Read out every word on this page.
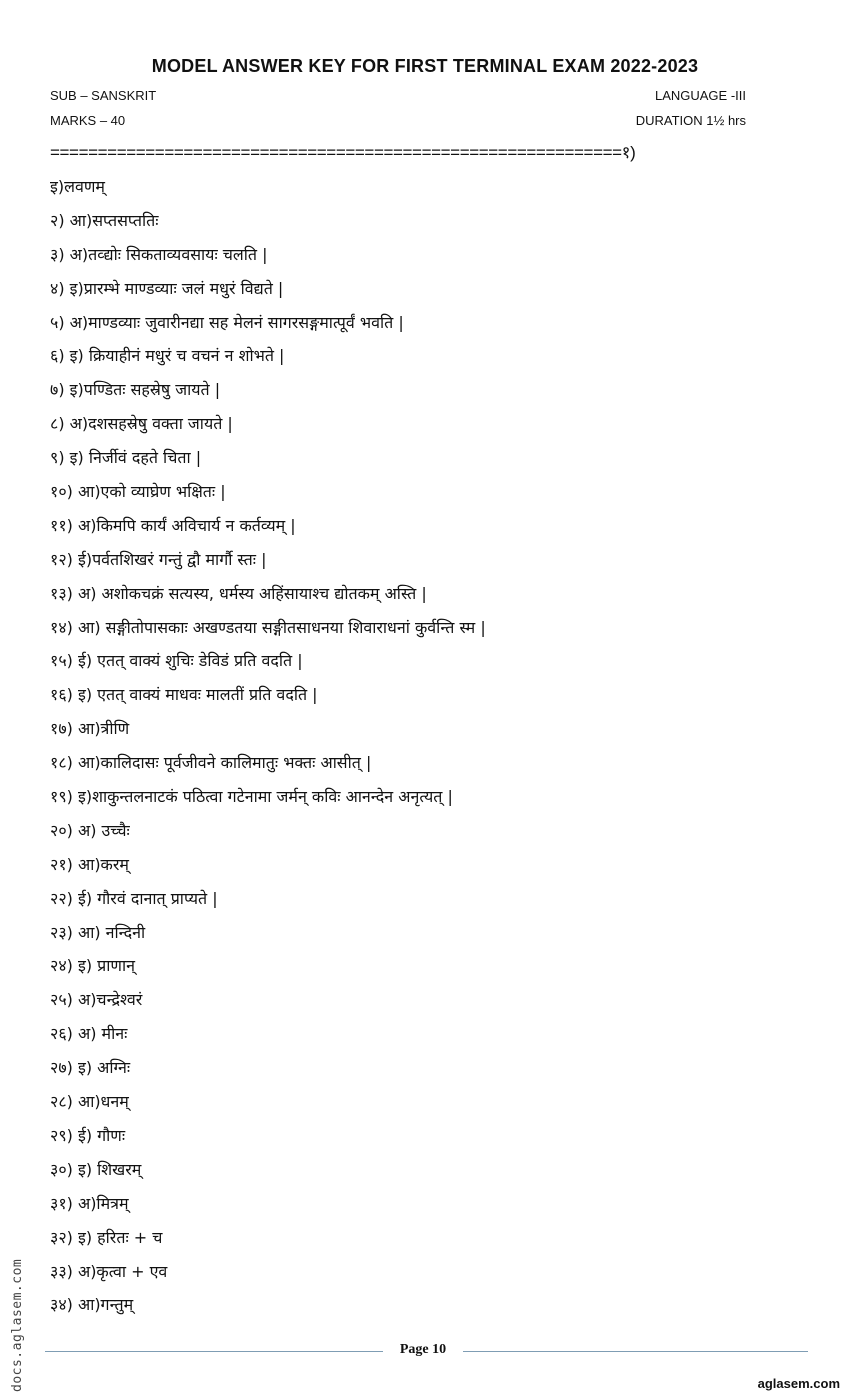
MODEL ANSWER KEY FOR FIRST TERMINAL EXAM 2022-2023
SUB – SANSKRIT	LANGUAGE -III
MARKS – 40	DURATION 1½ hrs
============================================================१)
इ)लवणम्
२) आ)सप्तसप्ततिः
३) अ)तव्द्योः सिकताव्यवसायः चलति |
४) इ)प्रारम्भे माण्डव्याः जलं मधुरं विद्यते |
५) अ)माण्डव्याः जुवारीनद्या सह मेलनं सागरसङ्गमात्पूर्वं भवति |
६) इ) क्रियाहीनं मधुरं च वचनं न शोभते |
७) इ)पण्डितः सहस्रेषु जायते |
८) अ)दशसहस्रेषु वक्ता जायते |
९) इ) निर्जीवं दहते चिता |
१०) आ)एको व्याघ्रेण भक्षितः |
११) अ)किमपि कार्यं अविचार्य न कर्तव्यम् |
१२) ई)पर्वतशिखरं गन्तुं द्वौ मार्गौ स्तः |
१३) अ) अशोकचक्रं सत्यस्य, धर्मस्य अहिंसायाश्च द्योतकम् अस्ति |
१४) आ) सङ्गीतोपासकाः अखण्डतया सङ्गीतसाधनया शिवाराधनां कुर्वन्ति स्म |
१५) ई) एतत् वाक्यं शुचिः डेविडं प्रति वदति |
१६) इ) एतत् वाक्यं माधवः मालतीं प्रति वदति |
१७) आ)त्रीणि
१८) आ)कालिदासः पूर्वजीवने कालिमातुः भक्तः आसीत् |
१९) इ)शाकुन्तलनाटकं पठित्वा गटेनामा जर्मन् कविः आनन्देन अनृत्यत् |
२०) अ) उच्चैः
२१) आ)करम्
२२) ई) गौरवं दानात् प्राप्यते |
२३) आ) नन्दिनी
२४) इ) प्राणान्
२५) अ)चन्द्रेश्वरं
२६) अ) मीनः
२७) इ) अग्निः
२८) आ)धनम्
२९) ई) गौणः
३०) इ) शिखरम्
३१) अ)मित्रम्
३२) इ) हरितः + च
३३) अ)कृत्वा + एव
३४) आ)गन्तुम्
docs.aglasem.com	Page 10
aglasem.com
